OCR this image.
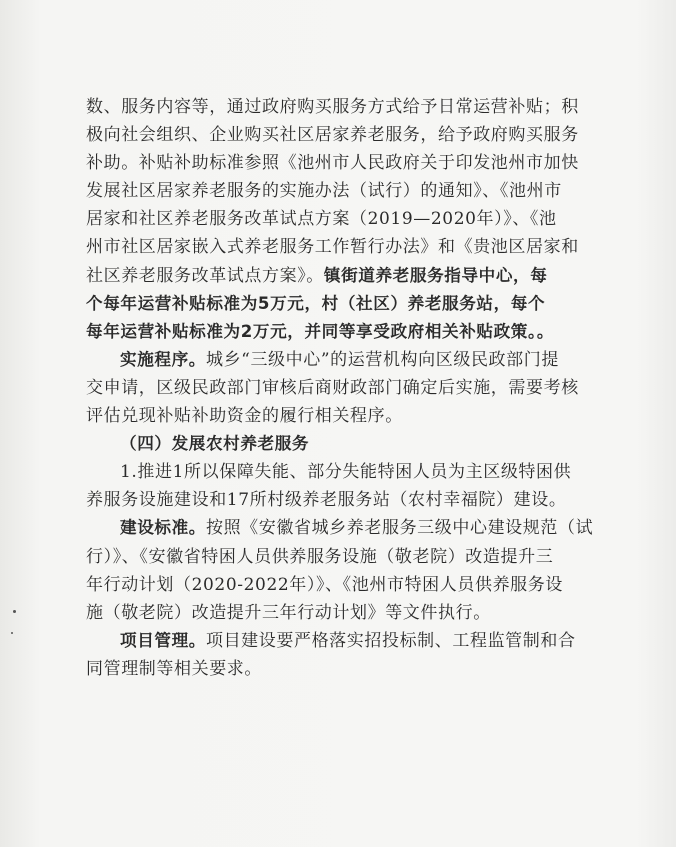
数、服务内容等，通过政府购买服务方式给予日常运营补贴；积
极向社会组织、企业购买社区居家养老服务，给予政府购买服务
补助。补贴补助标准参照《池州市人民政府关于印发池州市加快
发展社区居家养老服务的实施办法（试行）的通知》、《池州市
居家和社区养老服务改革试点方案（2019—2020年）》、《池
州市社区居家嵌入式养老服务工作暂行办法》和《贵池区居家和
社区养老服务改革试点方案》。镇街道养老服务指导中心，每
个每年运营补贴标准为5万元，村（社区）养老服务站，每个
每年运营补贴标准为2万元，并同等享受政府相关补贴政策。。
实施程序。城乡“三级中心”的运营机构向区级民政部门提
交申请，区级民政部门审核后商财政部门确定后实施，需要考核
评估兑现补贴补助资金的履行相关程序。
（四）发展农村养老服务
1.推进1所以保障失能、部分失能特困人员为主区级特困供
养服务设施建设和17所村级养老服务站（农村幸福院）建设。
建设标准。按照《安徽省城乡养老服务三级中心建设规范（试
行）》、《安徽省特困人员供养服务设施（敬老院）改造提升三
年行动计划（2020-2022年）》、《池州市特困人员供养服务设
施（敬老院）改造提升三年行动计划》等文件执行。
项目管理。项目建设要严格落实招投标制、工程监管制和合
同管理制等相关要求。
